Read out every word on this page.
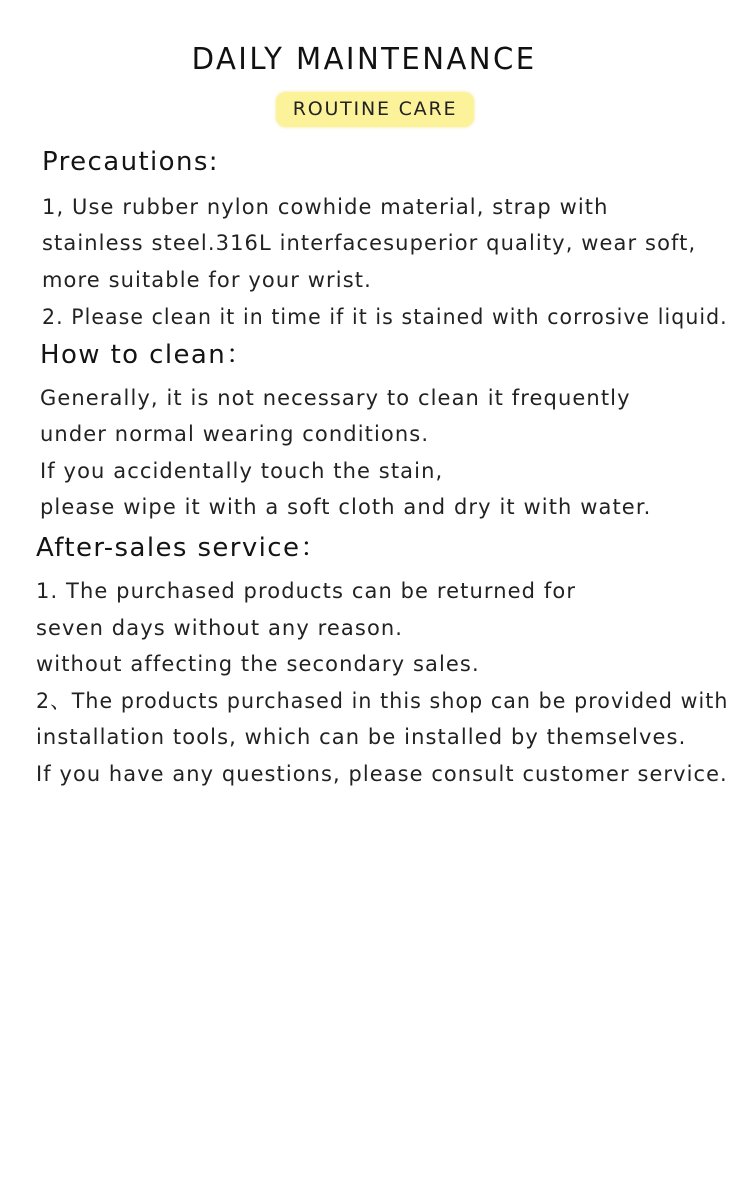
DAILY MAINTENANCE
ROUTINE CARE
Precautions:
1, Use rubber nylon cowhide material, strap with
stainless steel.316L interfacesuperior quality, wear soft,
more suitable for your wrist.
2. Please clean it in time if it is stained with corrosive liquid.
How to clean：
Generally, it is not necessary to clean it frequently
under normal wearing conditions.
If you accidentally touch the stain,
please wipe it with a soft cloth and dry it with water.
After-sales service：
1. The purchased products can be returned for
seven days without any reason.
without affecting the secondary sales.
2、The products purchased in this shop can be provided with
installation tools, which can be installed by themselves.
If you have any questions, please consult customer service.
